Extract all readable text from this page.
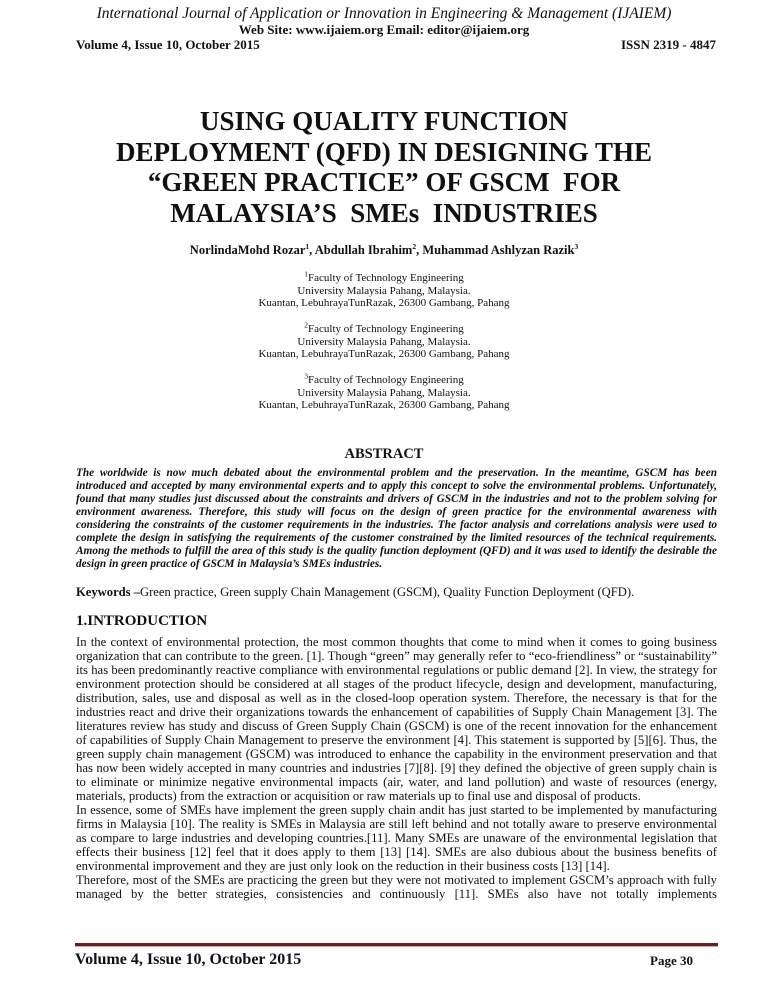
International Journal of Application or Innovation in Engineering & Management (IJAIEM)
Web Site: www.ijaiem.org Email: editor@ijaiem.org
Volume 4, Issue 10, October 2015	ISSN 2319 - 4847
USING QUALITY FUNCTION
DEPLOYMENT (QFD) IN DESIGNING THE
“GREEN PRACTICE” OF GSCM  FOR
MALAYSIA’S  SMEs  INDUSTRIES
NorlindaMohd Rozar$^1$, Abdullah Ibrahim$^2$, Muhammad Ashlyzan Razik$^3$
$^1$Faculty of Technology Engineering
University Malaysia Pahang, Malaysia.
Kuantan, LebuhrayaTunRazak, 26300 Gambang, Pahang
$^2$Faculty of Technology Engineering
University Malaysia Pahang, Malaysia.
Kuantan, LebuhrayaTunRazak, 26300 Gambang, Pahang
$^3$Faculty of Technology Engineering
University Malaysia Pahang, Malaysia.
Kuantan, LebuhrayaTunRazak, 26300 Gambang, Pahang
ABSTRACT
The worldwide is now much debated about the environmental problem and the preservation. In the meantime, GSCM has been introduced and accepted by many environmental experts and to apply this concept to solve the environmental problems. Unfortunately, found that many studies just discussed about the constraints and drivers of GSCM in the industries and not to the problem solving for environment awareness. Therefore, this study will focus on the design of green practice for the environmental awareness with considering the constraints of the customer requirements in the industries. The factor analysis and correlations analysis were used to complete the design in satisfying the requirements of the customer constrained by the limited resources of the technical requirements. Among the methods to fulfill the area of this study is the quality function deployment (QFD) and it was used to identify the desirable the design in green practice of GSCM in Malaysia’s SMEs industries.
Keywords –Green practice, Green supply Chain Management (GSCM), Quality Function Deployment (QFD).
1.INTRODUCTION

In the context of environmental protection, the most common thoughts that come to mind when it comes to going business organization that can contribute to the green. [1]. Though “green” may generally refer to “eco-friendliness” or “sustainability” its has been predominantly reactive compliance with environmental regulations or public demand [2]. In view, the strategy for environment protection should be considered at all stages of the product lifecycle, design and development, manufacturing, distribution, sales, use and disposal as well as in the closed-loop operation system. Therefore, the necessary is that for the industries react and drive their organizations towards the enhancement of capabilities of Supply Chain Management [3]. The literatures review has study and discuss of Green Supply Chain (GSCM) is one of the recent innovation for the enhancement of capabilities of Supply Chain Management to preserve the environment [4]. This statement is supported by [5][6]. Thus, the green supply chain management (GSCM) was introduced to enhance the capability in the environment preservation and that has now been widely accepted in many countries and industries [7][8]. [9] they defined the objective of green supply chain is to eliminate or minimize negative environmental impacts (air, water, and land pollution) and waste of resources (energy, materials, products) from the extraction or acquisition or raw materials up to final use and disposal of products.

In essence, some of SMEs have implement the green supply chain andit has just started to be implemented by manufacturing firms in Malaysia [10]. The reality is SMEs in Malaysia are still left behind and not totally aware to preserve environmental as compare to large industries and developing countries.[11]. Many SMEs are unaware of the environmental legislation that effects their business [12] feel that it does apply to them [13] [14]. SMEs are also dubious about the business benefits of environmental improvement and they are just only look on the reduction in their business costs [13] [14].

Therefore, most of the SMEs are practicing the green but they were not motivated to implement GSCM’s approach with fully managed by the better strategies, consistencies and continuously [11]. SMEs also have not totally implements

Volume 4, Issue 10, October 2015	Page 30
